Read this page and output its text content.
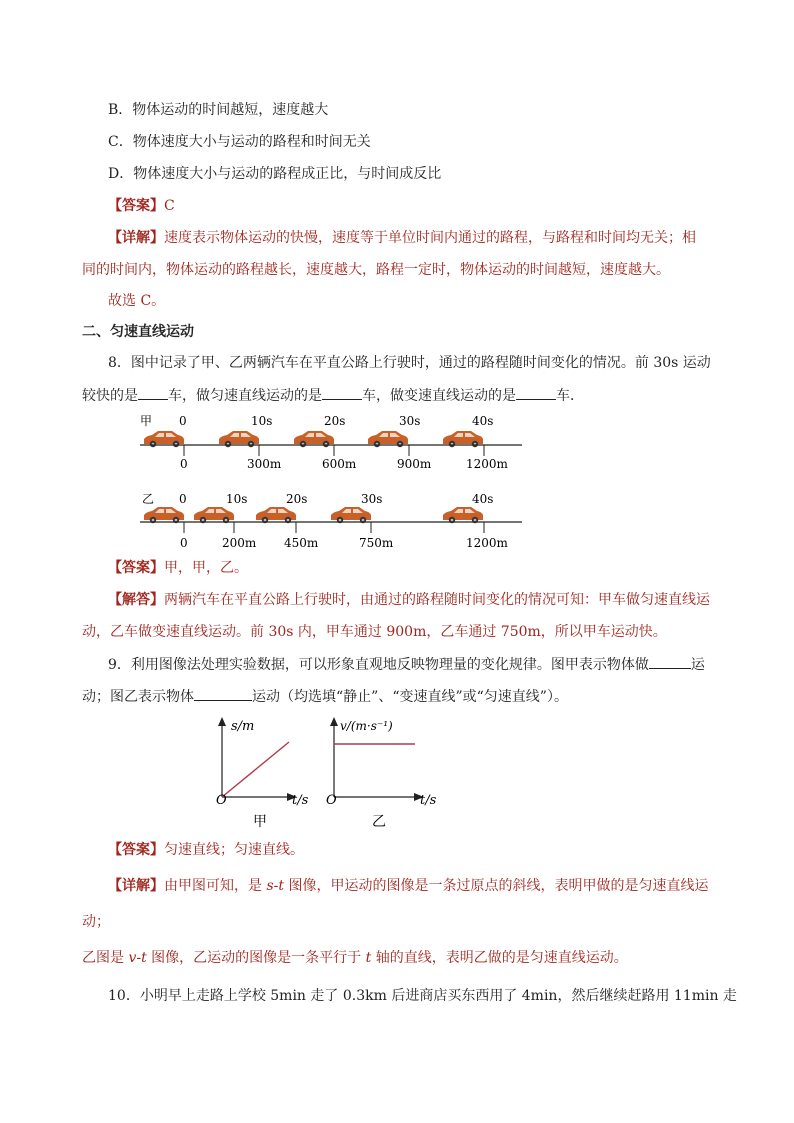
B．物体运动的时间越短，速度越大
C．物体速度大小与运动的路程和时间无关
D．物体速度大小与运动的路程成正比，与时间成反比
【答案】C
【详解】速度表示物体运动的快慢，速度等于单位时间内通过的路程，与路程和时间均无关；相
同的时间内，物体运动的路程越长，速度越大，路程一定时，物体运动的时间越短，速度越大。
故选 C。
二、匀速直线运动
8．图中记录了甲、乙两辆汽车在平直公路上行驶时，通过的路程随时间变化的情况。前 30s 运动
较快的是 车，做匀速直线运动的是	车，做变速直线运动的是	车．
甲 0	10s	20s	30s	40s
0	300m	600m	900m	1200m
乙 0	10s	20s	30s	40s
0	200m 450m	750m	1200m
【答案】甲，甲，乙。
【解答】两辆汽车在平直公路上行驶时，由通过的路程随时间变化的情况可知：甲车做匀速直线运
动，乙车做变速直线运动。前 30s 内，甲车通过 900m，乙车通过 750m，所以甲车运动快。
9．利用图像法处理实验数据，可以形象直观地反映物理量的变化规律。图甲表示物体做	运
动；图乙表示物体	运动（均选填“静止”、“变速直线”或“匀速直线”）。
s/m
t/s
O
甲
v/(m·s⁻¹)
t/s
O
乙
【答案】匀速直线；匀速直线。
【详解】由甲图可知，是 s-t 图像，甲运动的图像是一条过原点的斜线，表明甲做的是匀速直线运
动；
乙图是 v-t 图像，乙运动的图像是一条平行于 t 轴的直线，表明乙做的是匀速直线运动。
10．小明早上走路上学校 5min 走了 0.3km 后进商店买东西用了 4min，然后继续赶路用 11min 走
